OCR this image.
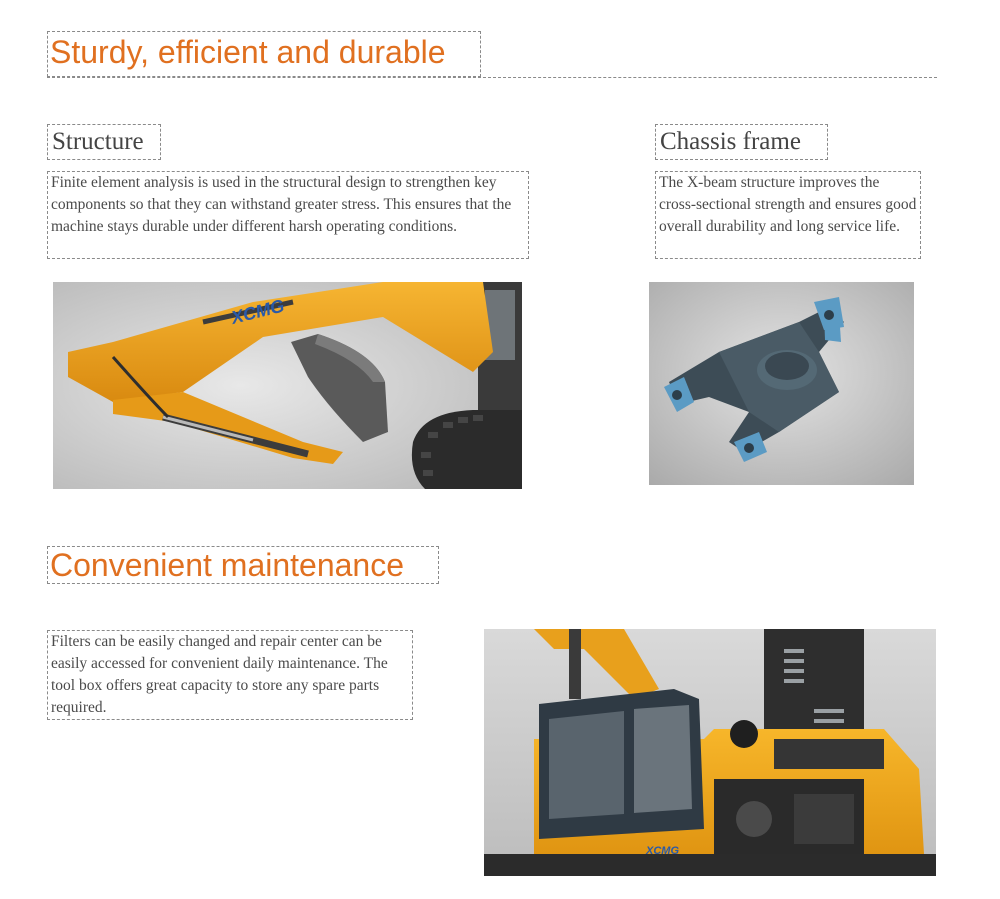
Sturdy, efficient and durable
Structure
Finite element analysis is used in the structural design to strengthen key components so that they can withstand greater stress. This ensures that the machine stays durable under different harsh operating conditions.
Chassis frame
The X-beam structure improves the cross-sectional strength and ensures good overall durability and long service life.
XCMG
Convenient maintenance
Filters can be easily changed and repair center can be easily accessed for convenient daily maintenance. The tool box offers great capacity to store any spare parts required.
XCMG
